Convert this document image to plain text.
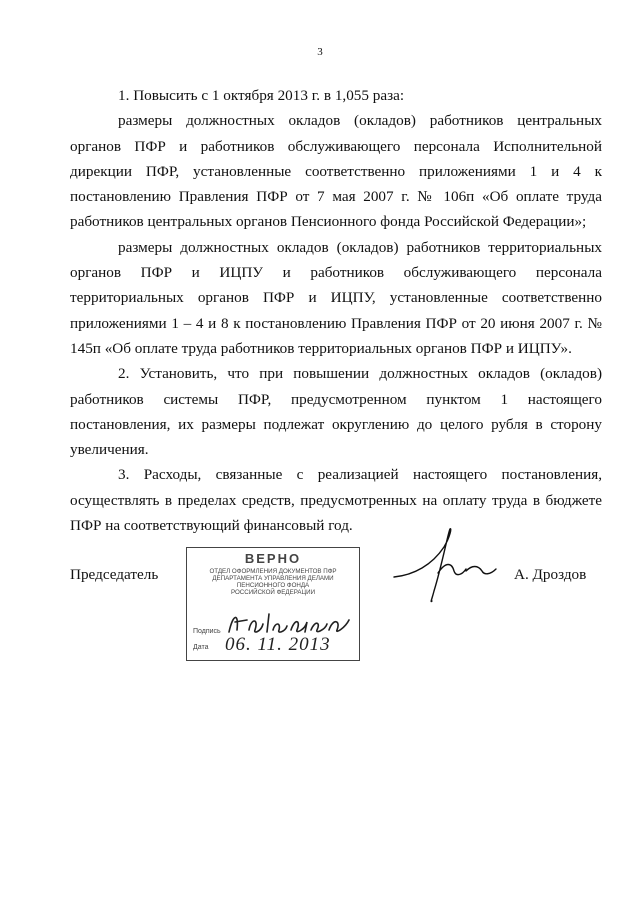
3

1. Повысить с 1 октября 2013 г. в 1,055 раза:

размеры должностных окладов (окладов) работников центральных органов ПФР и работников обслуживающего персонала Исполнительной дирекции ПФР, установленные соответственно приложениями 1 и 4 к постановлению Правления ПФР от 7 мая 2007 г. № 106п «Об оплате труда работников центральных органов Пенсионного фонда Российской Федерации»;

размеры должностных окладов (окладов) работников территориальных органов ПФР и ИЦПУ и работников обслуживающего персонала территориальных органов ПФР и ИЦПУ, установленные соответственно приложениями 1 – 4 и 8 к постановлению Правления ПФР от 20 июня 2007 г. № 145п «Об оплате труда работников территориальных органов ПФР и ИЦПУ».

2. Установить, что при повышении должностных окладов (окладов) работников системы ПФР, предусмотренном пунктом 1 настоящего постановления, их размеры подлежат округлению до целого рубля в сторону увеличения.

3. Расходы, связанные с реализацией настоящего постановления, осуществлять в пределах средств, предусмотренных на оплату труда в бюджете ПФР на соответствующий финансовый год.

Председатель
ВЕРНО
ОТДЕЛ ОФОРМЛЕНИЯ ДОКУМЕНТОВ ПФР
ДЕПАРТАМЕНТА УПРАВЛЕНИЯ ДЕЛАМИ
ПЕНСИОННОГО ФОНДА
РОССИЙСКОЙ ФЕДЕРАЦИИ
Подпись
Дата 06. 11. 2013
А. Дроздов
